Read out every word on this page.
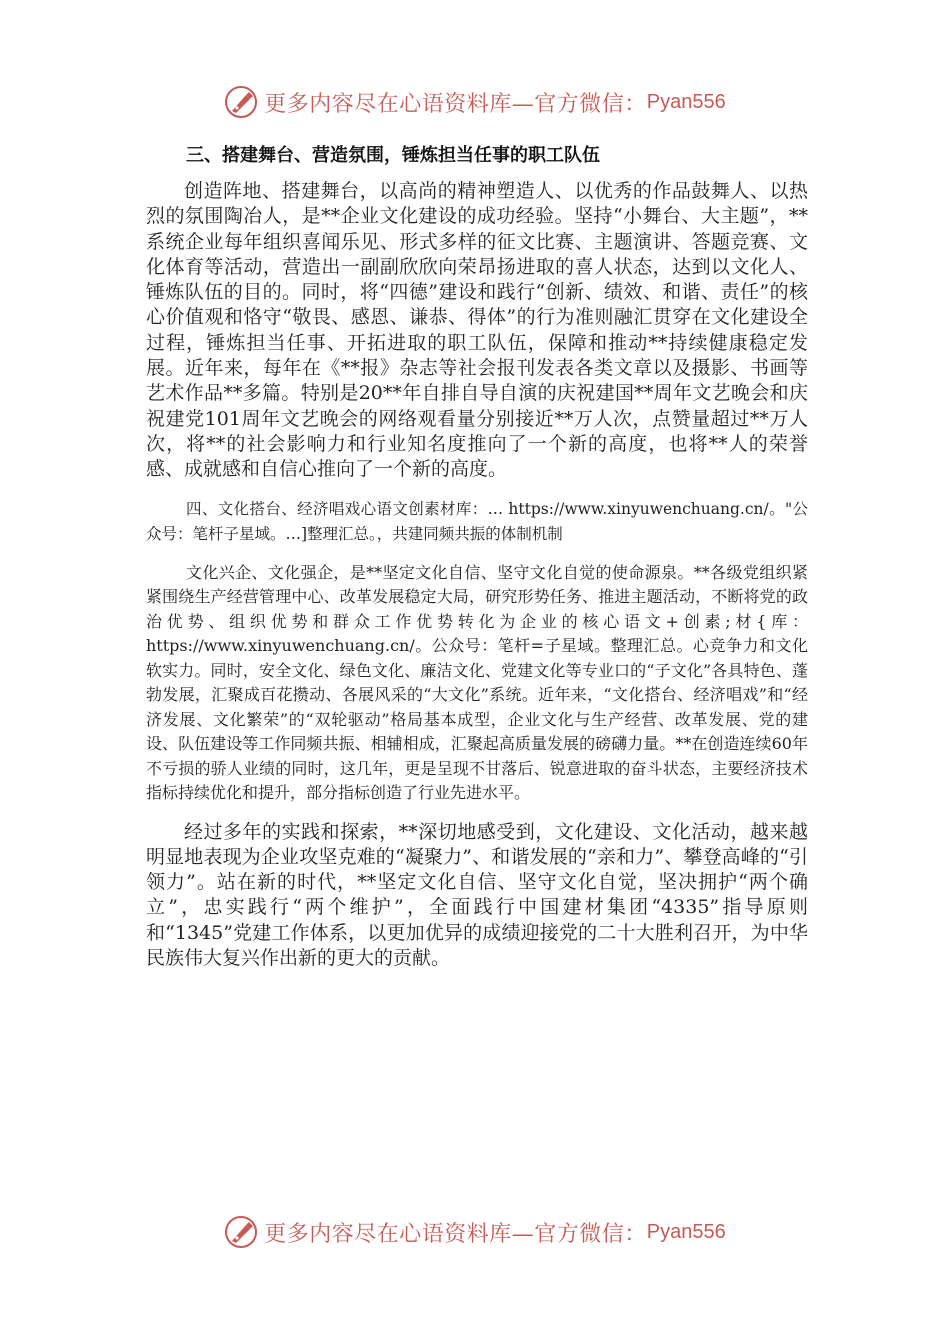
更多内容尽在心语资料库—官方微信： Pyan556
三、搭建舞台、营造氛围，锤炼担当任事的职工队伍

创造阵地、搭建舞台，以高尚的精神塑造人、以优秀的作品鼓舞人、以热烈的氛围陶冶人，是**企业文化建设的成功经验。坚持“小舞台、大主题”，**系统企业每年组织喜闻乐见、形式多样的征文比赛、主题演讲、答题竞赛、文化体育等活动，营造出一副副欣欣向荣昂扬进取的喜人状态，达到以文化人、锤炼队伍的目的。同时，将“四德”建设和践行“创新、绩效、和谐、责任”的核心价值观和恪守“敬畏、感恩、谦恭、得体”的行为准则融汇贯穿在文化建设全过程，锤炼担当任事、开拓进取的职工队伍，保障和推动**持续健康稳定发展。近年来，每年在《**报》杂志等社会报刊发表各类文章以及摄影、书画等艺术作品**多篇。特别是20**年自排自导自演的庆祝建国**周年文艺晚会和庆祝建党101周年文艺晚会的网络观看量分别接近**万人次，点赞量超过**万人次，将**的社会影响力和行业知名度推向了一个新的高度，也将**人的荣誉感、成就感和自信心推向了一个新的高度。

四、文化搭台、经济唱戏心语文创素材库：… https://www.xinyuwenchuang.cn/。"公众号：笔杆子星域。…]整理汇总。，共建同频共振的体制机制

文化兴企、文化强企，是**坚定文化自信、坚守文化自觉的使命源泉。**各级党组织紧紧围绕生产经营管理中心、改革发展稳定大局，研究形势任务、推进主题活动，不断将党的政治优势、组织优势和群众工作优势转化为企业的核心语文+创素;材{库：https://www.xinyuwenchuang.cn/。公众号：笔杆=子星域。整理汇总。心竞争力和文化软实力。同时，安全文化、绿色文化、廉洁文化、党建文化等专业口的“子文化”各具特色、蓬勃发展，汇聚成百花攒动、各展风采的“大文化”系统。近年来，“文化搭台、经济唱戏”和“经济发展、文化繁荣”的“双轮驱动”格局基本成型，企业文化与生产经营、改革发展、党的建设、队伍建设等工作同频共振、相辅相成，汇聚起高质量发展的磅礴力量。**在创造连续60年不亏损的骄人业绩的同时，这几年，更是呈现不甘落后、锐意进取的奋斗状态，主要经济技术指标持续优化和提升，部分指标创造了行业先进水平。

经过多年的实践和探索，**深切地感受到，文化建设、文化活动，越来越明显地表现为企业攻坚克难的“凝聚力”、和谐发展的“亲和力”、攀登高峰的“引领力”。站在新的时代，**坚定文化自信、坚守文化自觉，坚决拥护“两个确立”，忠实践行“两个维护”，全面践行中国建材集团“4335”指导原则和“1345”党建工作体系，以更加优异的成绩迎接党的二十大胜利召开，为中华民族伟大复兴作出新的更大的贡献。

更多内容尽在心语资料库—官方微信： Pyan556
